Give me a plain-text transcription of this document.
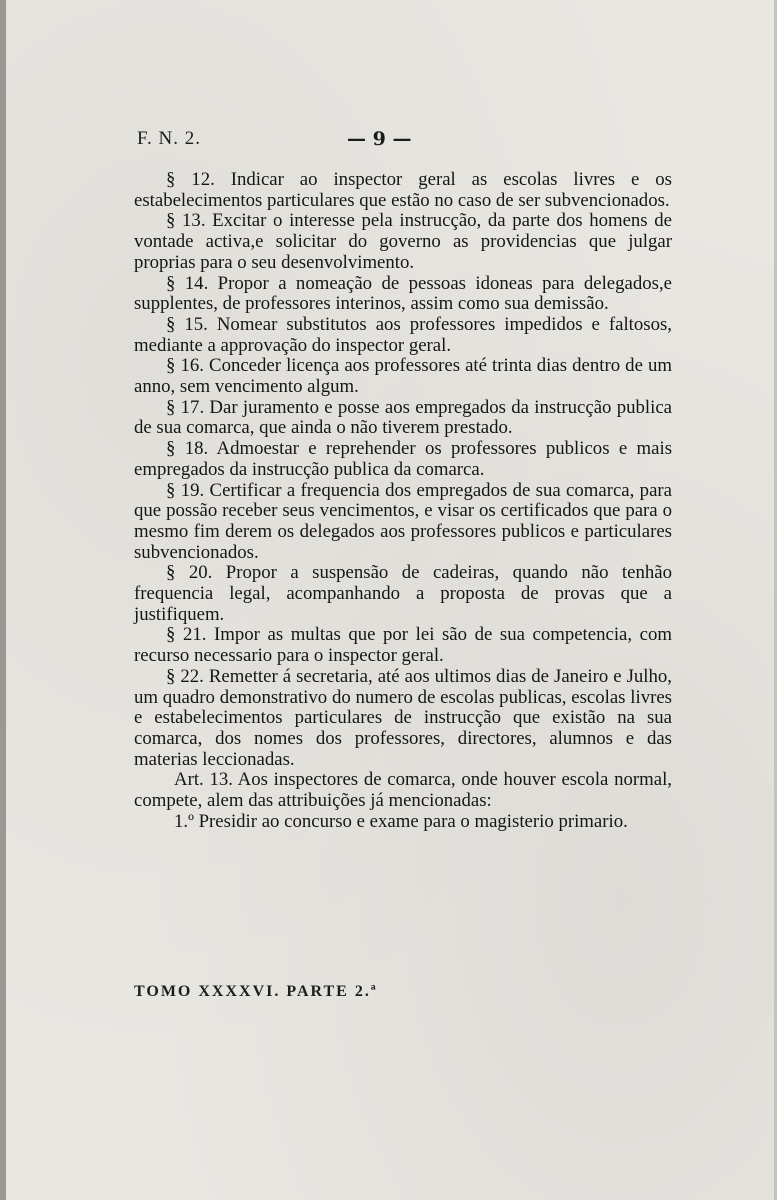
F. N. 2.	— 9 —

§ 12. Indicar ao inspector geral as escolas livres e os estabelecimentos particulares que estão no caso de ser subvencionados.

§ 13. Excitar o interesse pela instrucção, da parte dos homens de vontade activa,e solicitar do governo as providencias que julgar proprias para o seu desenvolvimento.

§ 14. Propor a nomeação de pessoas idoneas para delegados,e supplentes, de professores interinos, assim como sua demissão.

§ 15. Nomear substitutos aos professores impedidos e faltosos, mediante a approvação do inspector geral.

§ 16. Conceder licença aos professores até trinta dias dentro de um anno, sem vencimento algum.

§ 17. Dar juramento e posse aos empregados da instrucção publica de sua comarca, que ainda o não tiverem prestado.

§ 18. Admoestar e reprehender os professores publicos e mais empregados da instrucção publica da comarca.

§ 19. Certificar a frequencia dos empregados de sua comarca, para que possão receber seus vencimentos, e visar os certificados que para o mesmo fim derem os delegados aos professores publicos e particulares subvencionados.

§ 20. Propor a suspensão de cadeiras, quando não tenhão frequencia legal, acompanhando a proposta de provas que a justifiquem.

§ 21. Impor as multas que por lei são de sua competencia, com recurso necessario para o inspector geral.

§ 22. Remetter á secretaria, até aos ultimos dias de Janeiro e Julho, um quadro demonstrativo do numero de escolas publicas, escolas livres e estabelecimentos particulares de instrucção que existão na sua comarca, dos nomes dos professores, directores, alumnos e das materias leccionadas.

Art. 13. Aos inspectores de comarca, onde houver escola normal, compete, alem das attribuições já mencionadas:

1.º Presidir ao concurso e exame para o magisterio primario.

TOMO XXXXVI. PARTE 2.ª
